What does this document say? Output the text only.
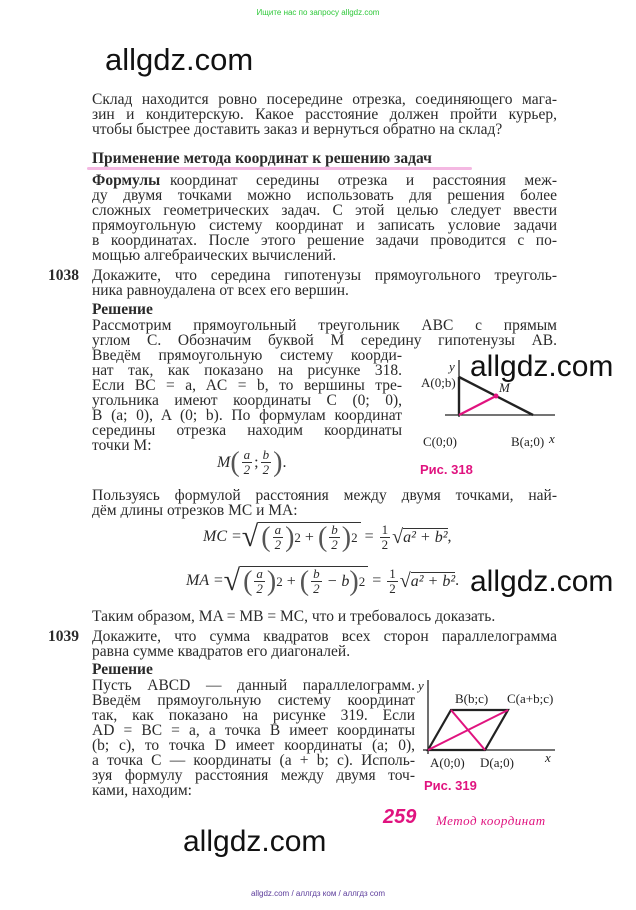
Ищите нас по запросу allgdz.com
allgdz.com
allgdz.com
allgdz.com
allgdz.com
Склад находится ровно посередине отрезка, соединяющего мага-
зин и кондитерскую. Какое расстояние должен пройти курьер,
чтобы быстрее доставить заказ и вернуться обратно на склад?
координат середины отрезка и расстояния меж-
ду двумя точками можно использовать для решения более
сложных геометрических задач. С этой целью следует ввести
прямоугольную систему координат и записать условие задачи
в координатах. После этого решение задачи проводится с по-
мощью алгебраических вычислений.
Докажите, что середина гипотенузы прямоугольного треуголь-
ника равноудалена от всех его вершин.
Рассмотрим прямоугольный треугольник ABC с прямым
углом C. Обозначим буквой M середину гипотенузы AB.
Введём прямоугольную систему коорди-
нат так, как показано на рисунке 318.
Если BC = a, AC = b, то вершины тре-
угольника имеют координаты C (0; 0),
B (a; 0), A (0; b). По формулам координат
середины отрезка находим координаты
точки M:
Пользуясь формулой расстояния между двумя точками, най-
дём длины отрезков MC и MA:
Таким образом, MA = MB = MC, что и требовалось доказать.
Докажите, что сумма квадратов всех сторон параллелограмма
равна сумме квадратов его диагоналей.
Пусть ABCD — данный параллелограмм.
Введём прямоугольную систему координат
так, как показано на рисунке 319. Если
AD = BC = a, а точка B имеет координаты
(b; c), то точка D имеет координаты (a; 0),
а точка C — координаты (a + b; c). Исполь-
зуя формулу расстояния между двумя точ-
ками, находим:
Формулы
Применение метода координат к решению задач
1038
Решение
1039
Решение
M ( a
2 ; b
2 ) .
MC = √ ( a
2 ) 2 + ( b
2 ) $2 = \frac{1}{2}$ √ a² + b² ,
MA = √ ( a
2 ) 2 + ( b
2 − b ) $2 = \frac{1}{2}$ √ a² + b² .
y
A(0;b)	M
C(0;0)	B(a;0) x
Рис. 318
y
B(b;c) C(a+b;c)
A(0;0) D(a;0) x
Рис. 319
259 Метод координат
allgdz.com / аллгдз ком / аллгдз com
